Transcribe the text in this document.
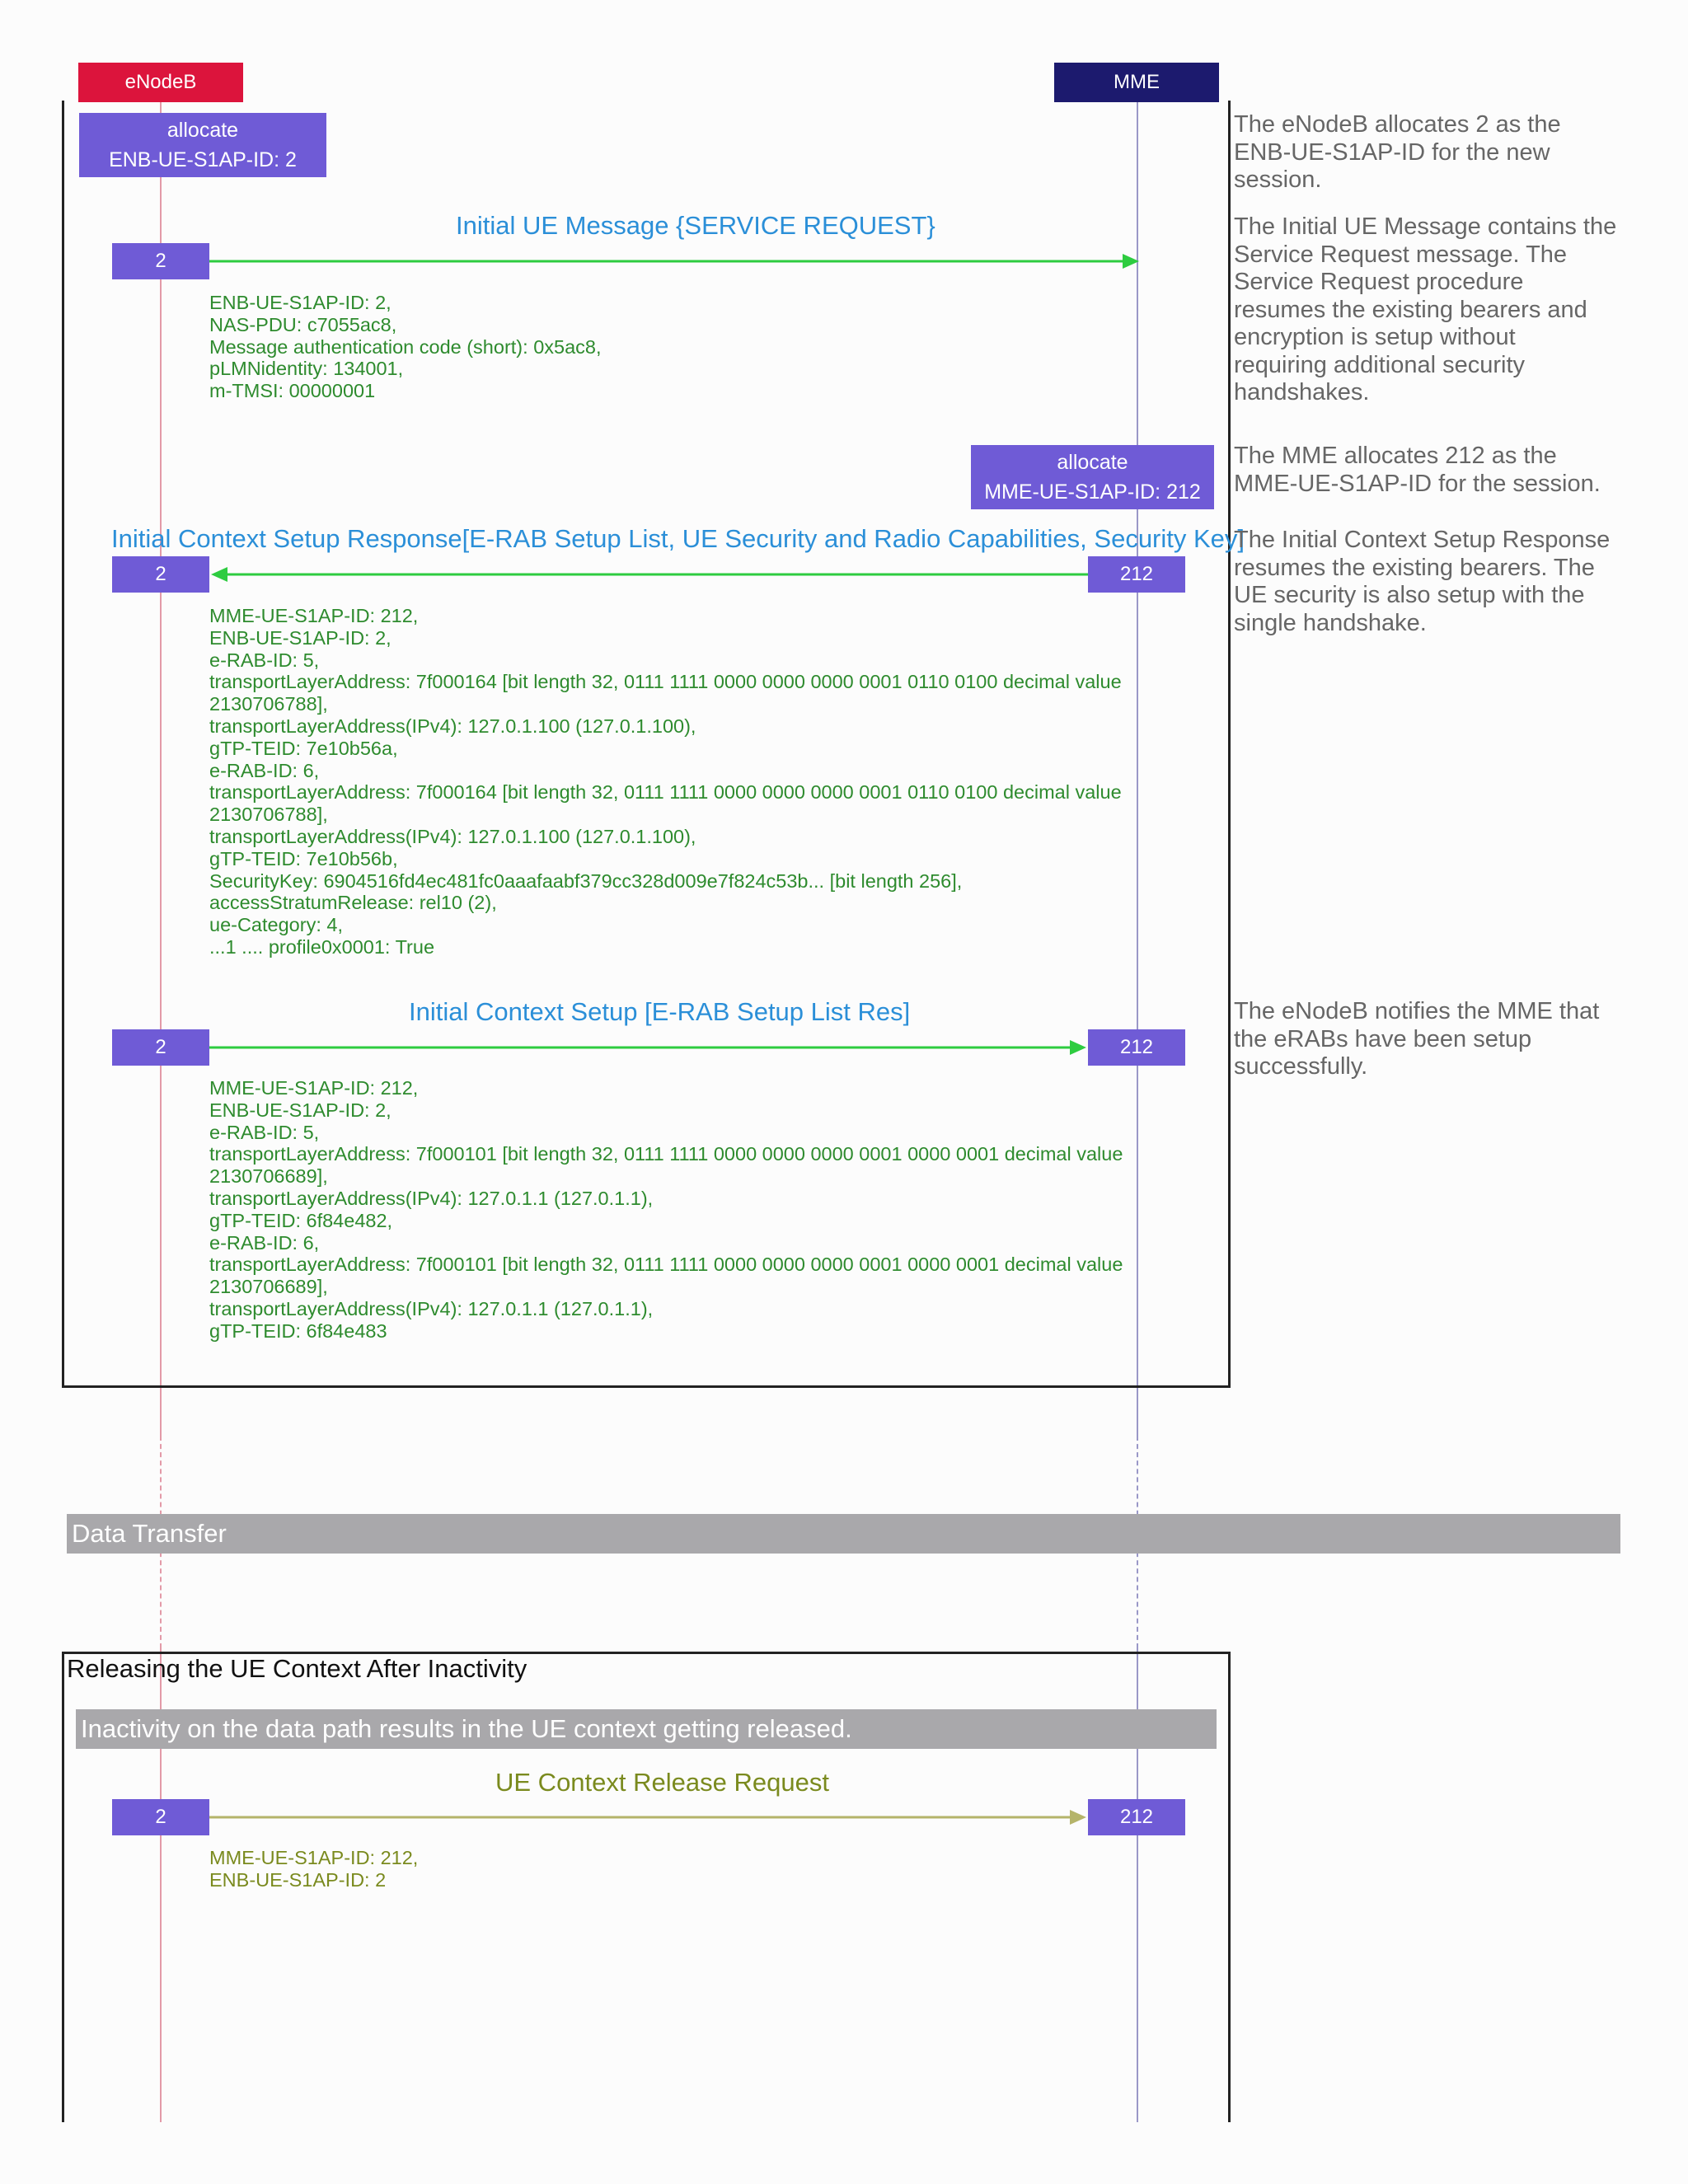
eNodeB	MME
allocate
ENB-UE-S1AP-ID: 2
The eNodeB allocates 2 as the
ENB-UE-S1AP-ID for the new
session.
Initial UE Message {SERVICE REQUEST}
2
ENB-UE-S1AP-ID: 2,
NAS-PDU: c7055ac8,
Message authentication code (short): 0x5ac8,
pLMNidentity: 134001,
m-TMSI: 00000001
The Initial UE Message contains the
Service Request message. The
Service Request procedure
resumes the existing bearers and
encryption is setup without
requiring additional security
handshakes.
allocate
MME-UE-S1AP-ID: 212
The MME allocates 212 as the
MME-UE-S1AP-ID for the session.
Initial Context Setup Response[E-RAB Setup List, UE Security and Radio Capabilities, Security Key]
2	212
MME-UE-S1AP-ID: 212,
ENB-UE-S1AP-ID: 2,
e-RAB-ID: 5,
transportLayerAddress: 7f000164 [bit length 32, 0111 1111 0000 0000 0000 0001 0110 0100 decimal value
2130706788],
transportLayerAddress(IPv4): 127.0.1.100 (127.0.1.100),
gTP-TEID: 7e10b56a,
e-RAB-ID: 6,
transportLayerAddress: 7f000164 [bit length 32, 0111 1111 0000 0000 0000 0001 0110 0100 decimal value
2130706788],
transportLayerAddress(IPv4): 127.0.1.100 (127.0.1.100),
gTP-TEID: 7e10b56b,
SecurityKey: 6904516fd4ec481fc0aaafaabf379cc328d009e7f824c53b... [bit length 256],
accessStratumRelease: rel10 (2),
ue-Category: 4,
...1 .... profile0x0001: True
The Initial Context Setup Response
resumes the existing bearers. The
UE security is also setup with the
single handshake.
Initial Context Setup [E-RAB Setup List Res]
2	212
MME-UE-S1AP-ID: 212,
ENB-UE-S1AP-ID: 2,
e-RAB-ID: 5,
transportLayerAddress: 7f000101 [bit length 32, 0111 1111 0000 0000 0000 0001 0000 0001 decimal value
2130706689],
transportLayerAddress(IPv4): 127.0.1.1 (127.0.1.1),
gTP-TEID: 6f84e482,
e-RAB-ID: 6,
transportLayerAddress: 7f000101 [bit length 32, 0111 1111 0000 0000 0000 0001 0000 0001 decimal value
2130706689],
transportLayerAddress(IPv4): 127.0.1.1 (127.0.1.1),
gTP-TEID: 6f84e483
The eNodeB notifies the MME that
the eRABs have been setup
successfully.
Data Transfer
Releasing the UE Context After Inactivity
Inactivity on the data path results in the UE context getting released.
UE Context Release Request
2	212
MME-UE-S1AP-ID: 212,
ENB-UE-S1AP-ID: 2
